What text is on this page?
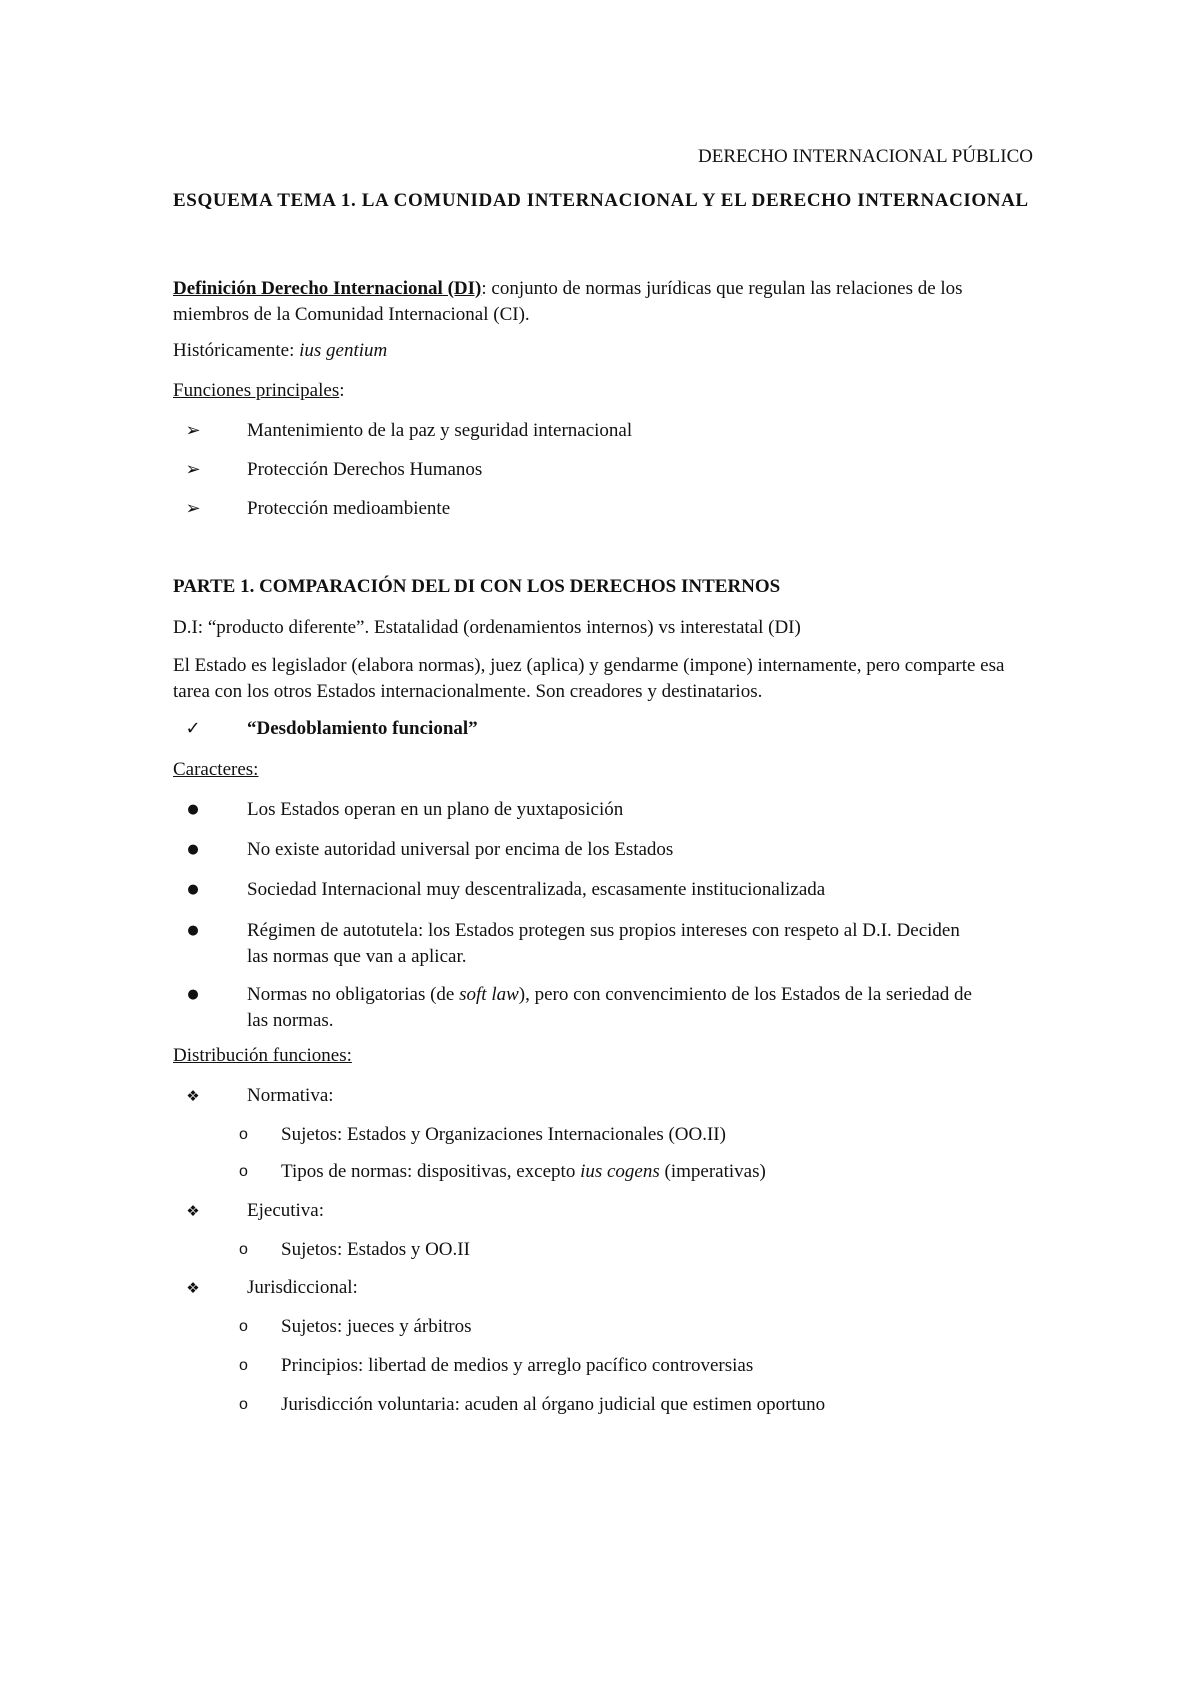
DERECHO INTERNACIONAL PÚBLICO
ESQUEMA TEMA 1. LA COMUNIDAD INTERNACIONAL Y EL DERECHO INTERNACIONAL

Definición Derecho Internacional (DI): conjunto de normas jurídicas que regulan las relaciones de los miembros de la Comunidad Internacional (CI).

Históricamente: ius gentium
Funciones principales:
➢	Mantenimiento de la paz y seguridad internacional
➢	Protección Derechos Humanos
➢	Protección medioambiente
PARTE 1. COMPARACIÓN DEL DI CON LOS DERECHOS INTERNOS
D.I: “producto diferente”. Estatalidad (ordenamientos internos) vs interestatal (DI)
El Estado es legislador (elabora normas), juez (aplica) y gendarme (impone) internamente, pero comparte esa tarea con los otros Estados internacionalmente. Son creadores y destinatarios.
✓	“Desdoblamiento funcional”
Caracteres:
●	Los Estados operan en un plano de yuxtaposición
●	No existe autoridad universal por encima de los Estados
●	Sociedad Internacional muy descentralizada, escasamente institucionalizada
●	Régimen de autotutela: los Estados protegen sus propios intereses con respeto al D.I. Deciden las normas que van a aplicar.
●	Normas no obligatorias (de soft law), pero con convencimiento de los Estados de la seriedad de las normas.
Distribución funciones:
❖	Normativa:
o	Sujetos: Estados y Organizaciones Internacionales (OO.II)
o	Tipos de normas: dispositivas, excepto ius cogens (imperativas)
❖	Ejecutiva:
o	Sujetos: Estados y OO.II
❖	Jurisdiccional:
o	Sujetos: jueces y árbitros
o	Principios: libertad de medios y arreglo pacífico controversias
o	Jurisdicción voluntaria: acuden al órgano judicial que estimen oportuno
